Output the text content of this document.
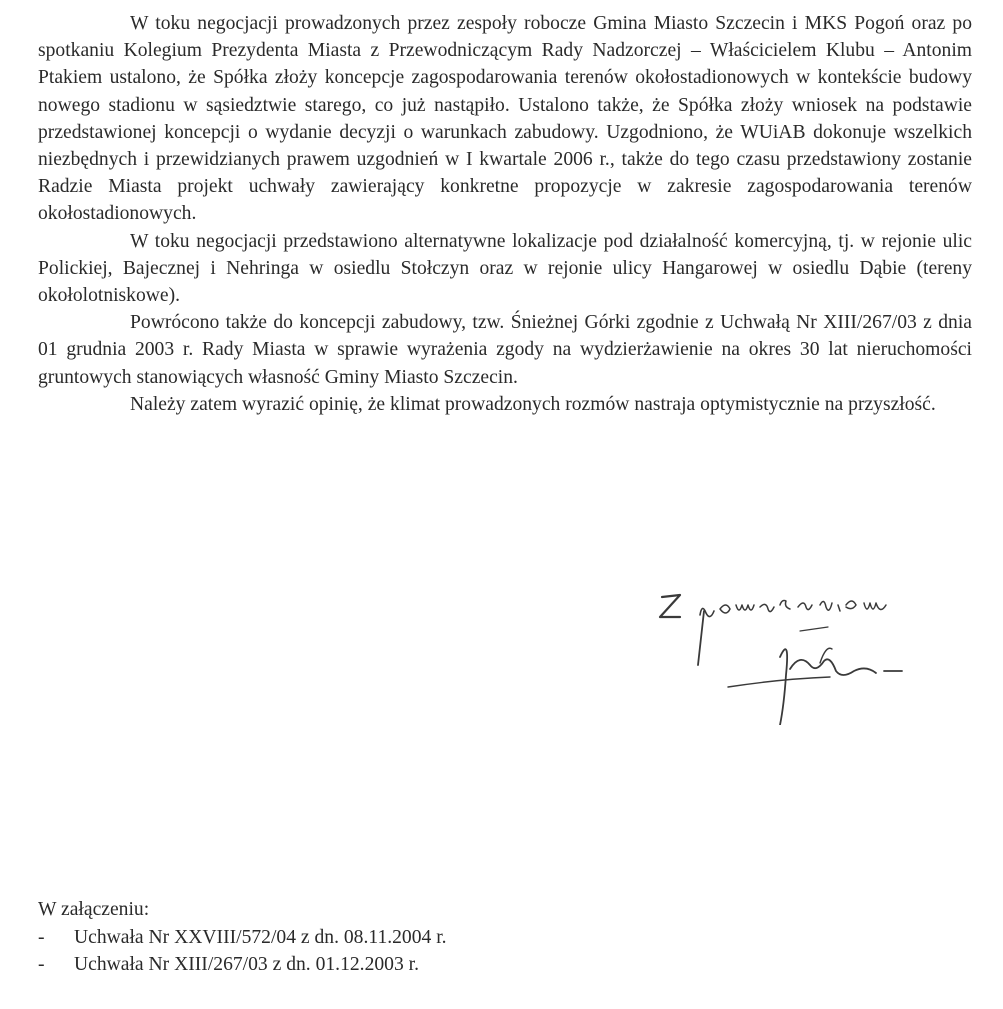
W toku negocjacji prowadzonych przez zespoły robocze Gmina Miasto Szczecin i MKS Pogoń oraz po spotkaniu Kolegium Prezydenta Miasta z Przewodniczącym Rady Nadzorczej – Właścicielem Klubu – Antonim Ptakiem ustalono, że Spółka złoży koncepcje zagospodarowania terenów okołostadionowych w kontekście budowy nowego stadionu w sąsiedztwie starego, co już nastąpiło. Ustalono także, że Spółka złoży wniosek na podstawie przedstawionej koncepcji o wydanie decyzji o warunkach zabudowy. Uzgodniono, że WUiAB dokonuje wszelkich niezbędnych i przewidzianych prawem uzgodnień w I kwartale 2006 r., także do tego czasu przedstawiony zostanie Radzie Miasta projekt uchwały zawierający konkretne propozycje w zakresie zagospodarowania terenów okołostadionowych.

W toku negocjacji przedstawiono alternatywne lokalizacje pod działalność komercyjną, tj. w rejonie ulic Polickiej, Bajecznej i Nehringa w osiedlu Stołczyn oraz w rejonie ulicy Hangarowej w osiedlu Dąbie (tereny okołolotniskowe).

Powrócono także do koncepcji zabudowy, tzw. Śnieżnej Górki zgodnie z Uchwałą Nr XIII/267/03 z dnia 01 grudnia 2003 r. Rady Miasta w sprawie wyrażenia zgody na wydzierżawienie na okres 30 lat nieruchomości gruntowych stanowiących własność Gminy Miasto Szczecin.

Należy zatem wyrazić opinię, że klimat prowadzonych rozmów nastraja optymistycznie na przyszłość.

W załączeniu:

- Uchwała Nr XXVIII/572/04 z dn. 08.11.2004 r.
- Uchwała Nr XIII/267/03 z dn. 01.12.2003 r.
